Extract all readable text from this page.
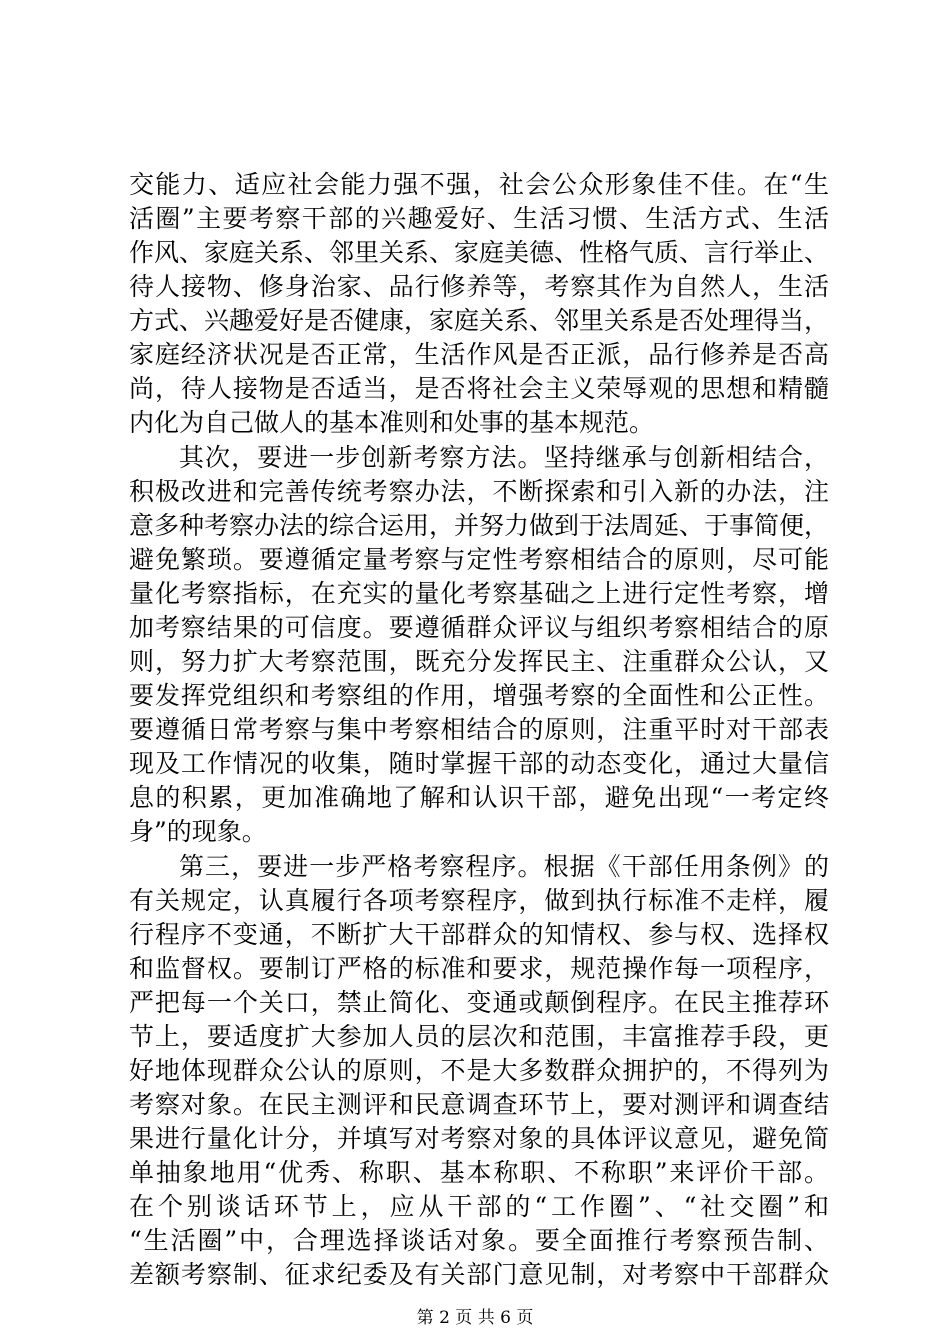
交能力、适应社会能力强不强，社会公众形象佳不佳。在“生
活圈”主要考察干部的兴趣爱好、生活习惯、生活方式、生活
作风、家庭关系、邻里关系、家庭美德、性格气质、言行举止、
待人接物、修身治家、品行修养等，考察其作为自然人，生活
方式、兴趣爱好是否健康，家庭关系、邻里关系是否处理得当，
家庭经济状况是否正常，生活作风是否正派，品行修养是否高
尚，待人接物是否适当，是否将社会主义荣辱观的思想和精髓
内化为自己做人的基本准则和处事的基本规范。
其次，要进一步创新考察方法。坚持继承与创新相结合，
积极改进和完善传统考察办法，不断探索和引入新的办法，注
意多种考察办法的综合运用，并努力做到于法周延、于事简便，
避免繁琐。要遵循定量考察与定性考察相结合的原则，尽可能
量化考察指标，在充实的量化考察基础之上进行定性考察，增
加考察结果的可信度。要遵循群众评议与组织考察相结合的原
则，努力扩大考察范围，既充分发挥民主、注重群众公认，又
要发挥党组织和考察组的作用，增强考察的全面性和公正性。
要遵循日常考察与集中考察相结合的原则，注重平时对干部表
现及工作情况的收集，随时掌握干部的动态变化，通过大量信
息的积累，更加准确地了解和认识干部，避免出现“一考定终
身”的现象。
第三，要进一步严格考察程序。根据《干部任用条例》的
有关规定，认真履行各项考察程序，做到执行标准不走样，履
行程序不变通，不断扩大干部群众的知情权、参与权、选择权
和监督权。要制订严格的标准和要求，规范操作每一项程序，
严把每一个关口，禁止简化、变通或颠倒程序。在民主推荐环
节上，要适度扩大参加人员的层次和范围，丰富推荐手段，更
好地体现群众公认的原则，不是大多数群众拥护的，不得列为
考察对象。在民主测评和民意调查环节上，要对测评和调查结
果进行量化计分，并填写对考察对象的具体评议意见，避免简
单抽象地用“优秀、称职、基本称职、不称职”来评价干部。
在个别谈话环节上，应从干部的“工作圈”、“社交圈”和
“生活圈”中，合理选择谈话对象。要全面推行考察预告制、
差额考察制、征求纪委及有关部门意见制，对考察中干部群众
第 2 页 共 6 页
